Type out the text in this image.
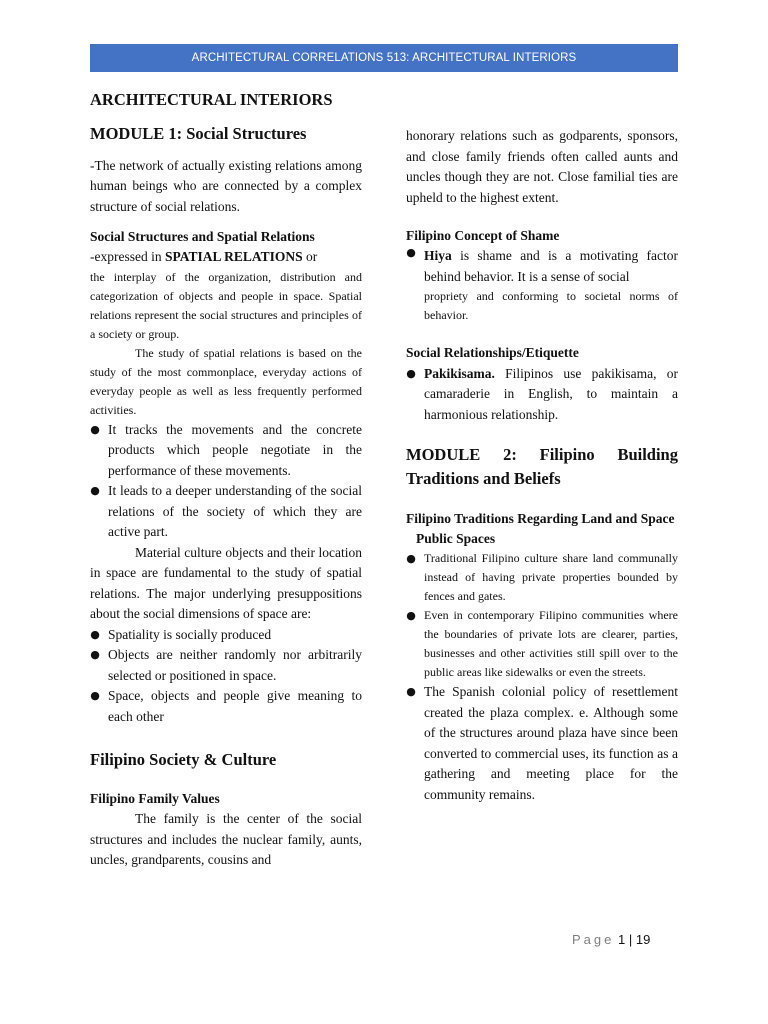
ARCHITECTURAL CORRELATIONS 513: ARCHITECTURAL INTERIORS
ARCHITECTURAL INTERIORS
MODULE 1: Social Structures

-The network of actually existing relations among human beings who are connected by a complex structure of social relations.

Social Structures and Spatial Relations

-expressed in SPATIAL RELATIONS or

the interplay of the organization, distribution and categorization of objects and people in space. Spatial relations represent the social structures and principles of a society or group.

The study of spatial relations is based on the study of the most commonplace, everyday actions of everyday people as well as less frequently performed activities.

● It tracks the movements and the concrete products which people negotiate in the performance of these movements.
● It leads to a deeper understanding of the social relations of the society of which they are active part.

Material culture objects and their location in space are fundamental to the study of spatial relations. The major underlying presuppositions about the social dimensions of space are:

● Spatiality is socially produced
● Objects are neither randomly nor arbitrarily selected or positioned in space.
● Space, objects and people give meaning to each other
Filipino Society & Culture
Filipino Family Values

The family is the center of the social structures and includes the nuclear family, aunts, uncles, grandparents, cousins and

honorary relations such as godparents, sponsors, and close family friends often called aunts and uncles though they are not. Close familial ties are upheld to the highest extent.

Filipino Concept of Shame
● Hiya is shame and is a motivating factor behind behavior. It is a sense of social

propriety and conforming to societal norms of behavior.

Social Relationships/Etiquette
● Pakikisama. Filipinos use pakikisama, or camaraderie in English, to maintain a harmonious relationship.
MODULE 2: Filipino Building Traditions and Beliefs
Filipino Traditions Regarding Land and Space
Public Spaces
● Traditional Filipino culture share land communally instead of having private properties bounded by fences and gates.
● Even in contemporary Filipino communities where the boundaries of private lots are clearer, parties, businesses and other activities still spill over to the public areas like sidewalks or even the streets.
● The Spanish colonial policy of resettlement created the plaza complex. e. Although some of the structures around plaza have since been converted to commercial uses, its function as a gathering and meeting place for the community remains.
Page 1 | 19
